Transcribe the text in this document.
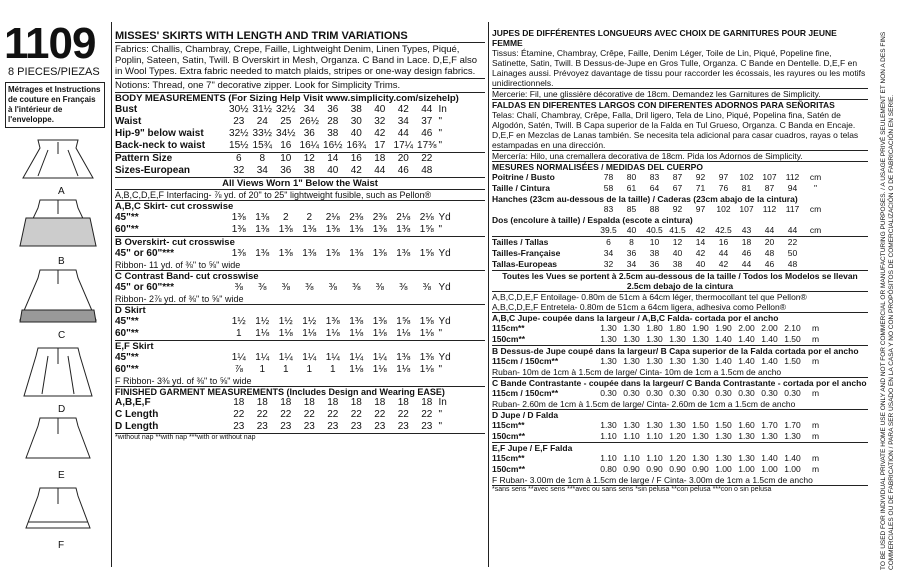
1109
8 PIECES/PIEZAS
Métrages et Instructions de couture en Français à l'intérieur de l'enveloppe.
A
B
C
D
E
F
MISSES' SKIRTS WITH LENGTH AND TRIM VARIATIONS
Fabrics: Challis, Chambray, Crepe, Faille, Lightweight Denim, Linen Types, Piqué, Poplin, Sateen, Satin, Twill. B Overskirt in Mesh, Organza. C Band in Lace. D,E,F also in Wool Types. Extra fabric needed to match plaids, stripes or one-way design fabrics.
Notions: Thread, one 7" decorative zipper. Look for Simplicity Trims.
BODY MEASUREMENTS (For Sizing Help Visit www.simplicity.com/sizehelp)
Bust	30½ 31½ 32½ 34	36	38	40	42	44 In
Waist	23	24	25 26½ 28	30	32	34	37 "
Hip-9" below waist	32½ 33½ 34½ 36	38	40	42	44	46 "
Back-neck to waist	15½ 15¾ 16 16¼ 16½ 16¾ 17 17¼ 17⅜ "
Pattern Size	6	8	10	12	14	16	18	20	22
Sizes-European	32	34	36	38	40	42	44	46	48
All Views Worn 1" Below the Waist
A,B,C,D,E,F Interfacing- ⅞ yd. of 20" to 25" lightweight fusible, such as Pellon®
A,B,C Skirt- cut crosswise
45"**	1⅜ 1⅜	2	2	2⅛ 2⅜ 2⅜ 2⅛ 2⅛ Yd
60"**	1⅜ 1⅜ 1⅜ 1⅜ 1⅜ 1⅜ 1⅜ 1⅜ 1⅝ "
B Overskirt- cut crosswise
45" or 60"***	1⅜ 1⅜ 1⅜ 1⅜ 1⅜ 1⅜ 1⅜ 1⅜ 1⅝ Yd
Ribbon- 11 yd. of ⅜" to ⅝" wide
C Contrast Band- cut crosswise
45" or 60"***	⅜	⅜	⅜	⅜	⅜	⅜	⅜	⅜	⅜ Yd
Ribbon- 2⅞ yd. of ⅜" to ⅝" wide
D Skirt
45"**	1½ 1½ 1½ 1½ 1⅜ 1⅜ 1⅜ 1⅝ 1⅝ Yd
60"**	1	1⅛ 1⅛ 1⅛ 1⅛ 1⅛ 1⅛ 1⅛ 1⅛ "
E,F Skirt
45"**	1¼ 1¼ 1¼ 1¼ 1¼ 1¼ 1¼ 1⅜ 1⅜ Yd
60"**	⅞	1	1	1	1	1⅛ 1⅛ 1⅛ 1⅛ "
F Ribbon- 3⅜ yd. of ⅜" to ⅝" wide
FINISHED GARMENT MEASUREMENTS (Includes Design and Wearing EASE)
A,B,E,F	18	18	18	18	18	18	18	18	18 In
C Length	22	22	22	22	22	22	22	22	22 "
D Length	23	23	23	23	23	23	23	23	23 "
*without nap **with nap ***with or without nap
JUPES DE DIFFÉRENTES LONGUEURS AVEC CHOIX DE GARNITURES POUR JEUNE FEMME
Tissus: Étamine, Chambray, Crêpe, Faille, Denim Léger, Toile de Lin, Piqué, Popeline fine, Satinette, Satin, Twill. B Dessus-de-Jupe en Gros Tulle, Organza. C Bande en Dentelle. D,E,F en Lainages aussi. Prévoyez davantage de tissu pour raccorder les écossais, les rayures ou les motifs unidirectionnels.
Mercerie: Fil, une glissière décorative de 18cm. Demandez les Garnitures de Simplicity.
FALDAS EN DIFERENTES LARGOS CON DIFERENTES ADORNOS PARA SEÑORITAS
Telas: Chalí, Chambray, Crêpe, Falla, Dril ligero, Tela de Lino, Piqué, Popelina fina, Satén de Algodón, Satén, Twill. B Capa superior de la Falda en Tul Grueso, Organza. C Banda en Encaje. D,E,F en Mezclas de Lanas también. Se necesita tela adicional para casar cuadros, rayas o telas estampadas en una dirección.
Mercería: Hilo, una cremallera decorativa de 18cm. Pida los Adornos de Simplicity.
MESURES NORMALISÉES / MEDIDAS DEL CUERPO
Poitrine / Busto	78	80	83	87	92	97	102	107	112	cm
Taille / Cintura	58	61	64	67	71	76	81	87	94	"
Hanches (23cm au-dessous de la taille) / Caderas (23cm abajo de la cintura)
83	85	88	92	97	102	107	112	117	cm
Dos (encolure à taille) / Espalda (escote a cintura)
39.5	40	40.5 41.5	42	42.5	43	44	44	cm
Tailles / Tallas	6	8	10	12	14	16	18	20	22
Tailles-Française	34	36	38	40	42	44	46	48	50
Tallas-Europeas	32	34	36	38	40	42	44	46	48
Toutes les Vues se portent à 2.5cm au-dessous de la taille / Todos los Modelos se llevan 2.5cm debajo de la cintura
A,B,C,D,E,F Entoilage- 0.80m de 51cm à 64cm léger, thermocollant tel que Pellon®
A,B,C,D,E,F Entretela- 0.80m de 51cm a 64cm ligera, adhesiva como Pellon®
A,B,C Jupe- coupée dans la largeur / A,B,C Falda- cortada por el ancho
115cm**	1.30 1.30 1.80 1.80 1.90 1.90 2.00 2.00 2.10	m
150cm**	1.30 1.30 1.30 1.30 1.30 1.40 1.40 1.40 1.50	m
B Dessus-de Jupe coupé dans la largeur/ B Capa superior de la Falda cortada por el ancho
115cm / 150cm**	1.30 1.30 1.30 1.30 1.30 1.40 1.40 1.40 1.50	m
Ruban- 10m de 1cm à 1.5cm de large/ Cinta- 10m de 1cm a 1.5cm de ancho
C Bande Contrastante - coupée dans la largeur/ C Banda Contrastante - cortada por el ancho
115cm / 150cm**	0.30 0.30 0.30 0.30 0.30 0.30 0.30 0.30 0.30	m
Ruban- 2.60m de 1cm à 1.5cm de large/ Cinta- 2.60m de 1cm a 1.5cm de ancho
D Jupe / D Falda
115cm**	1.30 1.30 1.30 1.30 1.50 1.50 1.60 1.70 1.70	m
150cm**	1.10 1.10 1.10 1.20 1.30 1.30 1.30 1.30 1.30	m
E,F Jupe / E,F Falda
115cm**	1.10 1.10 1.10 1.20 1.30 1.30 1.30 1.40 1.40	m
150cm**	0.80 0.90 0.90 0.90 0.90 1.00 1.00 1.00 1.00	m
F Ruban- 3.00m de 1cm à 1.5cm de large / F Cinta- 3.00m de 1cm a 1.5cm de ancho
*sans sens **avec sens ***avec ou sans sens *sin pelusa **con pelusa ***con o sin pelusa	TO BE USED FOR INDIVIDUAL PRIVATE HOME USE ONLY AND NOT FOR COMMERCIAL OR MANUFACTURING PURPOSES. / A USAGE PRIVÉ SEULEMENT ET NON A DES FINS COMMERCIALES OU DE FABRICATION / PARA SER USADO EN LA CASA Y NO CON PROPÓSITOS DE COMERCIALIZACIÓN O DE FABRICACIÓN EN SERIE.
